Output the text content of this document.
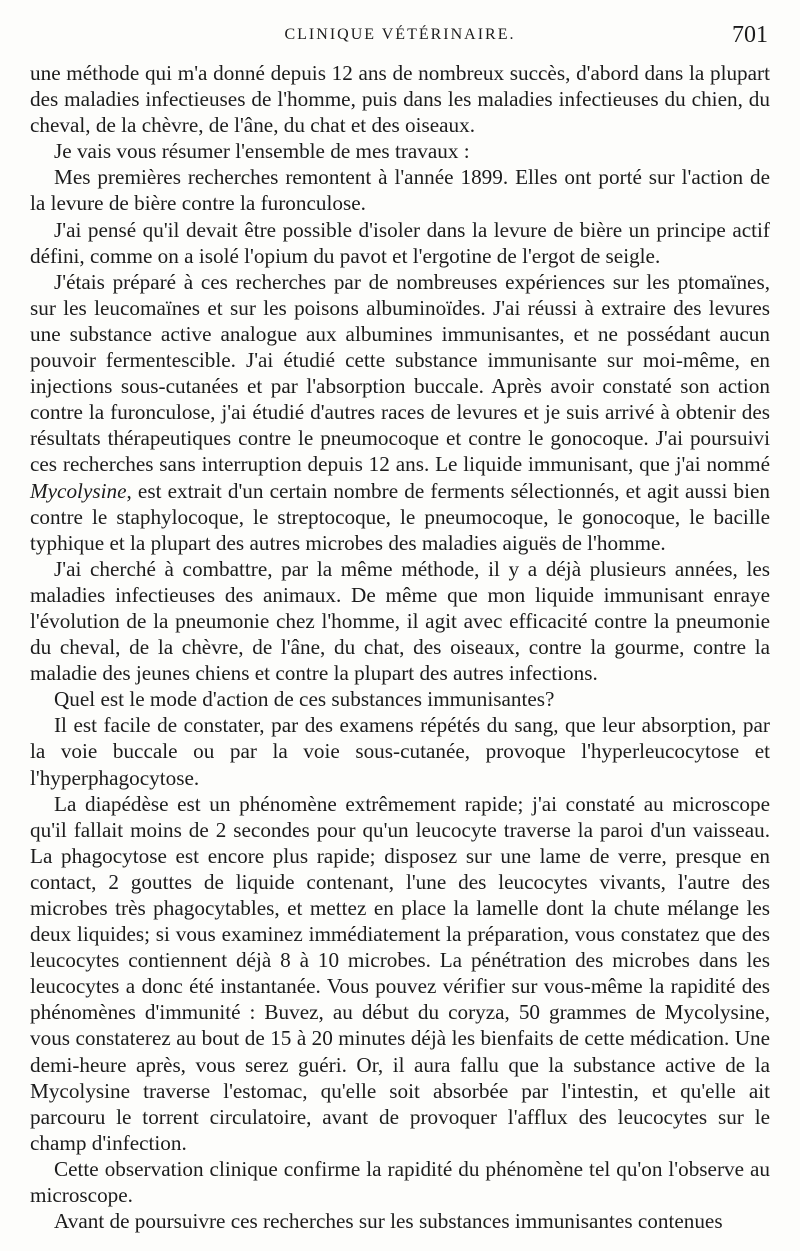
CLINIQUE VÉTÉRINAIRE.	701

une méthode qui m'a donné depuis 12 ans de nombreux succès, d'abord dans la plupart des maladies infectieuses de l'homme, puis dans les maladies infectieuses du chien, du cheval, de la chèvre, de l'âne, du chat et des oiseaux.

Je vais vous résumer l'ensemble de mes travaux :

Mes premières recherches remontent à l'année 1899. Elles ont porté sur l'action de la levure de bière contre la furonculose.

J'ai pensé qu'il devait être possible d'isoler dans la levure de bière un principe actif défini, comme on a isolé l'opium du pavot et l'ergotine de l'ergot de seigle.

J'étais préparé à ces recherches par de nombreuses expériences sur les ptomaïnes, sur les leucomaïnes et sur les poisons albuminoïdes. J'ai réussi à extraire des levures une substance active analogue aux albumines immunisantes, et ne possédant aucun pouvoir fermentescible. J'ai étudié cette substance immunisante sur moi-même, en injections sous-cutanées et par l'absorption buccale. Après avoir constaté son action contre la furonculose, j'ai étudié d'autres races de levures et je suis arrivé à obtenir des résultats thérapeutiques contre le pneumocoque et contre le gonocoque. J'ai poursuivi ces recherches sans interruption depuis 12 ans. Le liquide immunisant, que j'ai nommé Mycolysine, est extrait d'un certain nombre de ferments sélectionnés, et agit aussi bien contre le staphylocoque, le streptocoque, le pneumocoque, le gonocoque, le bacille typhique et la plupart des autres microbes des maladies aiguës de l'homme.

J'ai cherché à combattre, par la même méthode, il y a déjà plusieurs années, les maladies infectieuses des animaux. De même que mon liquide immunisant enraye l'évolution de la pneumonie chez l'homme, il agit avec efficacité contre la pneumonie du cheval, de la chèvre, de l'âne, du chat, des oiseaux, contre la gourme, contre la maladie des jeunes chiens et contre la plupart des autres infections.

Quel est le mode d'action de ces substances immunisantes?

Il est facile de constater, par des examens répétés du sang, que leur absorption, par la voie buccale ou par la voie sous-cutanée, provoque l'hyperleucocytose et l'hyperphagocytose.

La diapédèse est un phénomène extrêmement rapide; j'ai constaté au microscope qu'il fallait moins de 2 secondes pour qu'un leucocyte traverse la paroi d'un vaisseau. La phagocytose est encore plus rapide; disposez sur une lame de verre, presque en contact, 2 gouttes de liquide contenant, l'une des leucocytes vivants, l'autre des microbes très phagocytables, et mettez en place la lamelle dont la chute mélange les deux liquides; si vous examinez immédiatement la préparation, vous constatez que des leucocytes contiennent déjà 8 à 10 microbes. La pénétration des microbes dans les leucocytes a donc été instantanée. Vous pouvez vérifier sur vous-même la rapidité des phénomènes d'immunité : Buvez, au début du coryza, 50 grammes de Mycolysine, vous constaterez au bout de 15 à 20 minutes déjà les bienfaits de cette médication. Une demi-heure après, vous serez guéri. Or, il aura fallu que la substance active de la Mycolysine traverse l'estomac, qu'elle soit absorbée par l'intestin, et qu'elle ait parcouru le torrent circulatoire, avant de provoquer l'afflux des leucocytes sur le champ d'infection.

Cette observation clinique confirme la rapidité du phénomène tel qu'on l'observe au microscope.

Avant de poursuivre ces recherches sur les substances immunisantes contenues
